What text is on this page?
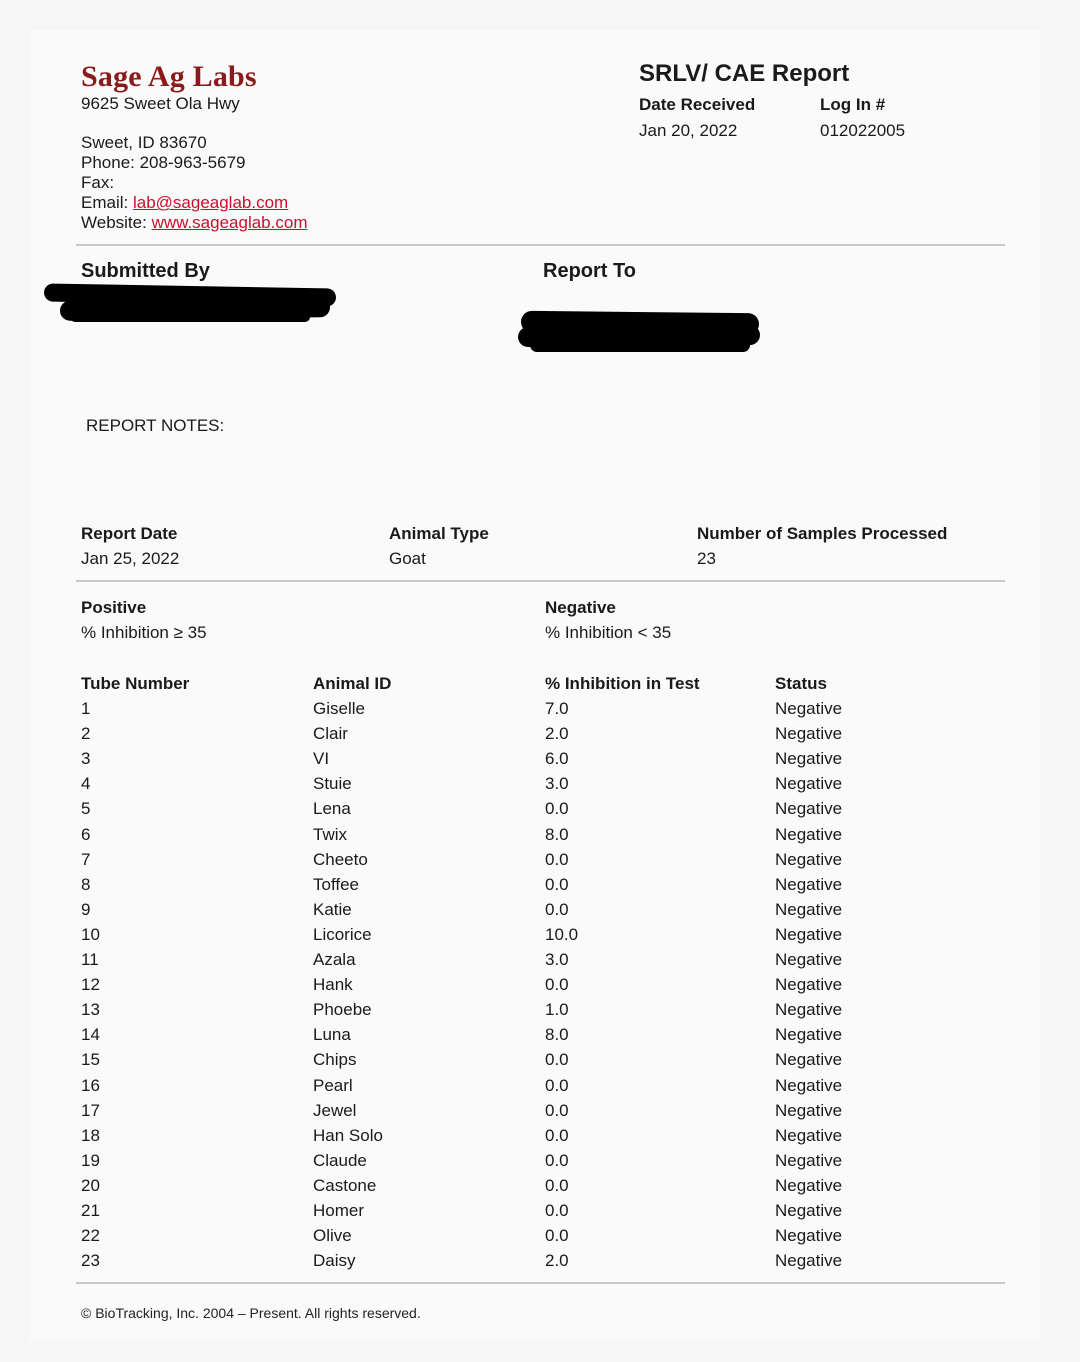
Sage Ag Labs
9625 Sweet Ola Hwy
Sweet, ID 83670
Phone: 208-963-5679
Fax:
Email: lab@sageaglab.com
Website: www.sageaglab.com
SRLV/ CAE Report
Date Received
Jan 20, 2022
Log In #
012022005
Submitted By	Report To
REPORT NOTES:
Report Date
Jan 25, 2022
Animal Type
Goat
Number of Samples Processed
23
Positive
% Inhibition ≥ 35
Negative
% Inhibition < 35
Tube Number	Animal ID	% Inhibition in Test	Status
1	Giselle	7.0	Negative
2	Clair	2.0	Negative
3	VI	6.0	Negative
4	Stuie	3.0	Negative
5	Lena	0.0	Negative
6	Twix	8.0	Negative
7	Cheeto	0.0	Negative
8	Toffee	0.0	Negative
9	Katie	0.0	Negative
10	Licorice	10.0	Negative
11	Azala	3.0	Negative
12	Hank	0.0	Negative
13	Phoebe	1.0	Negative
14	Luna	8.0	Negative
15	Chips	0.0	Negative
16	Pearl	0.0	Negative
17	Jewel	0.0	Negative
18	Han Solo	0.0	Negative
19	Claude	0.0	Negative
20	Castone	0.0	Negative
21	Homer	0.0	Negative
22	Olive	0.0	Negative
23	Daisy	2.0	Negative
© BioTracking, Inc. 2004 – Present. All rights reserved.
